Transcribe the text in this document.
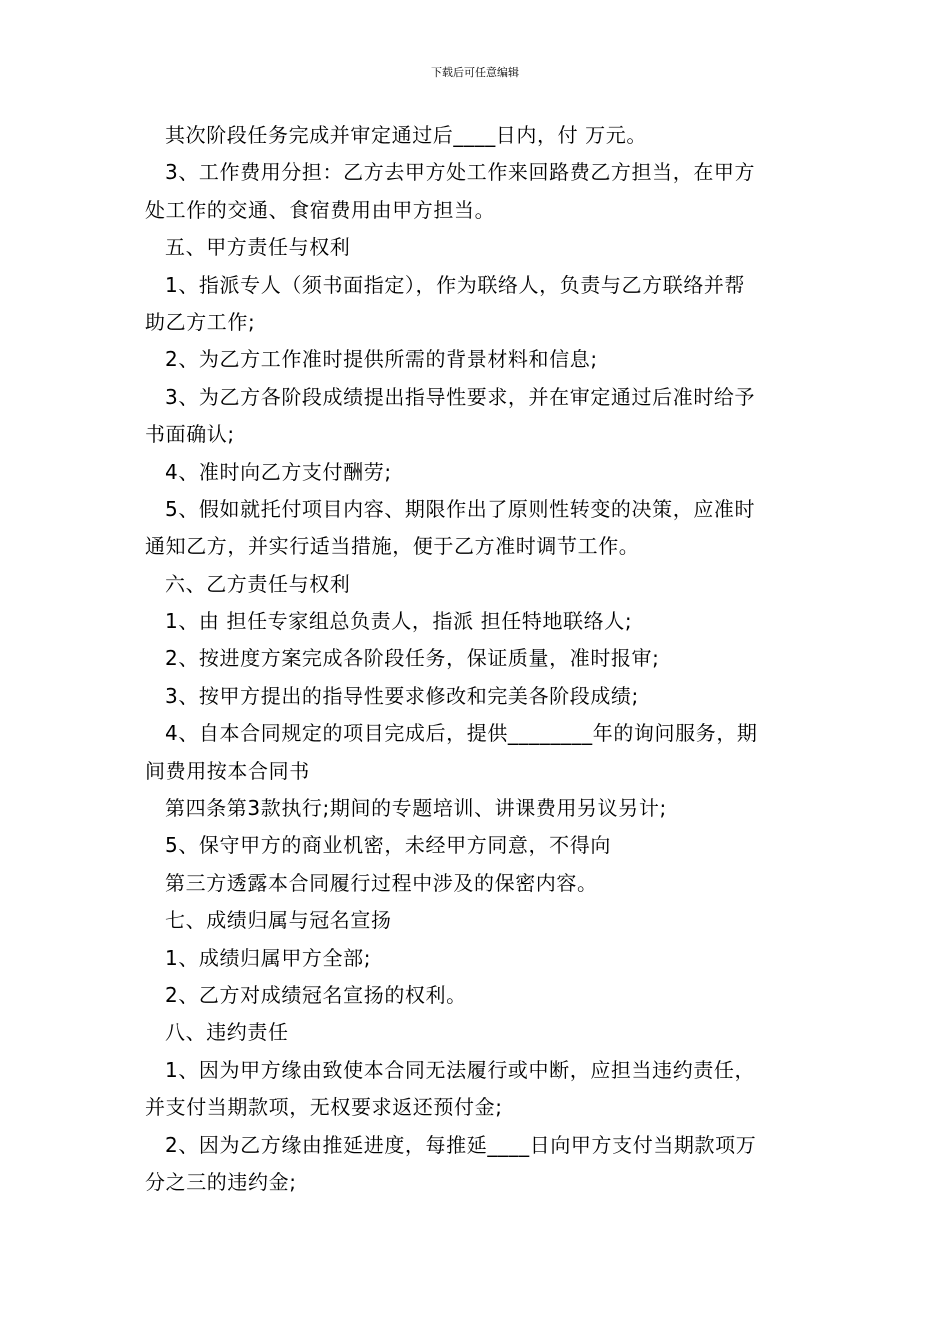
下载后可任意编辑
其次阶段任务完成并审定通过后____日内，付 万元。
3、工作费用分担：乙方去甲方处工作来回路费乙方担当，在甲方
处工作的交通、食宿费用由甲方担当。
五、甲方责任与权利
1、指派专人（须书面指定），作为联络人，负责与乙方联络并帮
助乙方工作;
2、为乙方工作准时提供所需的背景材料和信息;
3、为乙方各阶段成绩提出指导性要求，并在审定通过后准时给予
书面确认;
4、准时向乙方支付酬劳;
5、假如就托付项目内容、期限作出了原则性转变的决策，应准时
通知乙方，并实行适当措施，便于乙方准时调节工作。
六、乙方责任与权利
1、由 担任专家组总负责人，指派 担任特地联络人;
2、按进度方案完成各阶段任务，保证质量，准时报审;
3、按甲方提出的指导性要求修改和完美各阶段成绩;
4、自本合同规定的项目完成后，提供________年的询问服务，期
间费用按本合同书
第四条第3款执行;期间的专题培训、讲课费用另议另计;
5、保守甲方的商业机密，未经甲方同意，不得向
第三方透露本合同履行过程中涉及的保密内容。
七、成绩归属与冠名宣扬
1、成绩归属甲方全部;
2、乙方对成绩冠名宣扬的权利。
八、违约责任
1、因为甲方缘由致使本合同无法履行或中断，应担当违约责任，
并支付当期款项，无权要求返还预付金;
2、因为乙方缘由推延进度，每推延____日向甲方支付当期款项万
分之三的违约金;
